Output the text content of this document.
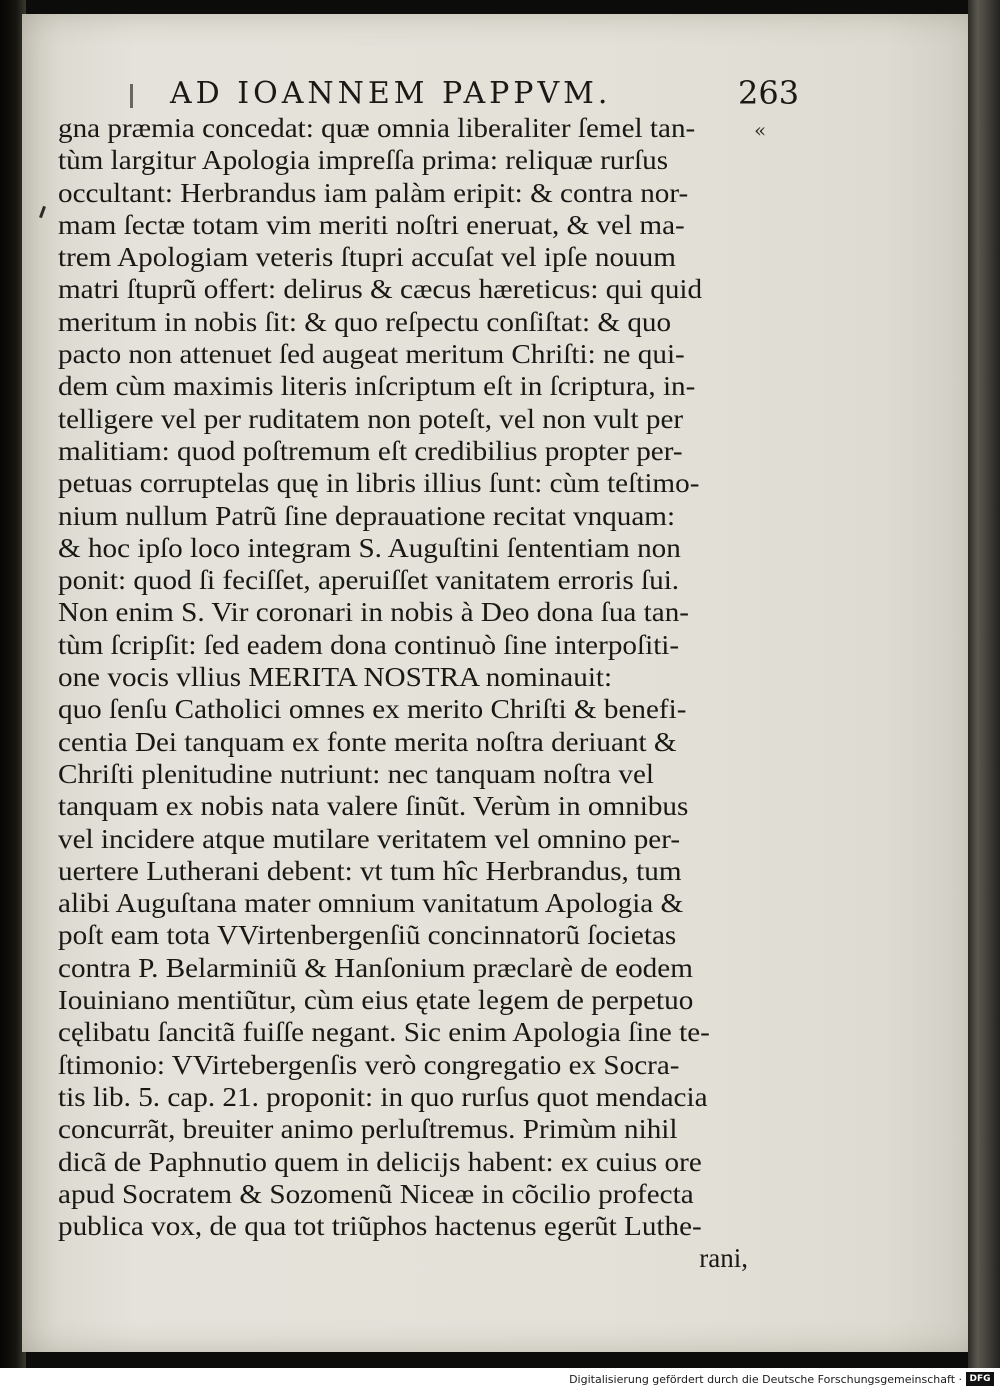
AD IOANNEM PAPPVM.	263
«
gna præmia concedat: quæ omnia liberaliter ſemel tan-
tùm largitur Apologia impreſſa prima: reliquæ rurſus
occultant: Herbrandus iam palàm eripit: & contra nor-
mam ſectæ totam vim meriti noſtri eneruat, & vel ma-
trem Apologiam veteris ſtupri accuſat vel ipſe nouum
matri ſtuprũ offert: delirus & cæcus hæreticus: qui quid
meritum in nobis ſit: & quo reſpectu conſiſtat: & quo
pacto non attenuet ſed augeat meritum Chriſti: ne qui-
dem cùm maximis literis inſcriptum eſt in ſcriptura, in-
telligere vel per ruditatem non poteſt, vel non vult per
malitiam: quod poſtremum eſt credibilius propter per-
petuas corruptelas quę in libris illius ſunt: cùm teſtimo-
nium nullum Patrũ ſine deprauatione recitat vnquam:
& hoc ipſo loco integram S. Auguſtini ſententiam non
ponit: quod ſi feciſſet, aperuiſſet vanitatem erroris ſui.
Non enim S. Vir coronari in nobis à Deo dona ſua tan-
tùm ſcripſit: ſed eadem dona continuò ſine interpoſiti-
one vocis vllius MERITA NOSTRA nominauit:
quo ſenſu Catholici omnes ex merito Chriſti & benefi-
centia Dei tanquam ex fonte merita noſtra deriuant &
Chriſti plenitudine nutriunt: nec tanquam noſtra vel
tanquam ex nobis nata valere ſinũt. Verùm in omnibus
vel incidere atque mutilare veritatem vel omnino per-
uertere Lutherani debent: vt tum hîc Herbrandus, tum
alibi Auguſtana mater omnium vanitatum Apologia &
poſt eam tota VVirtenbergenſiũ concinnatorũ ſocietas
contra P. Belarminiũ & Hanſonium præclarè de eodem
Iouiniano mentiũtur, cùm eius ętate legem de perpetuo
cęlibatu ſancitã fuiſſe negant. Sic enim Apologia ſine te-
ſtimonio: VVirtebergenſis verò congregatio ex Socra-
tis lib. 5. cap. 21. proponit: in quo rurſus quot mendacia
concurrãt, breuiter animo perluſtremus. Primùm nihil
dicã de Paphnutio quem in delicijs habent: ex cuius ore
apud Socratem & Sozomenũ Niceæ in cõcilio profecta
publica vox, de qua tot triũphos hactenus egerũt Luthe-
rani,
Digitalisierung gefördert durch die Deutsche Forschungsgemeinschaft · DFG
